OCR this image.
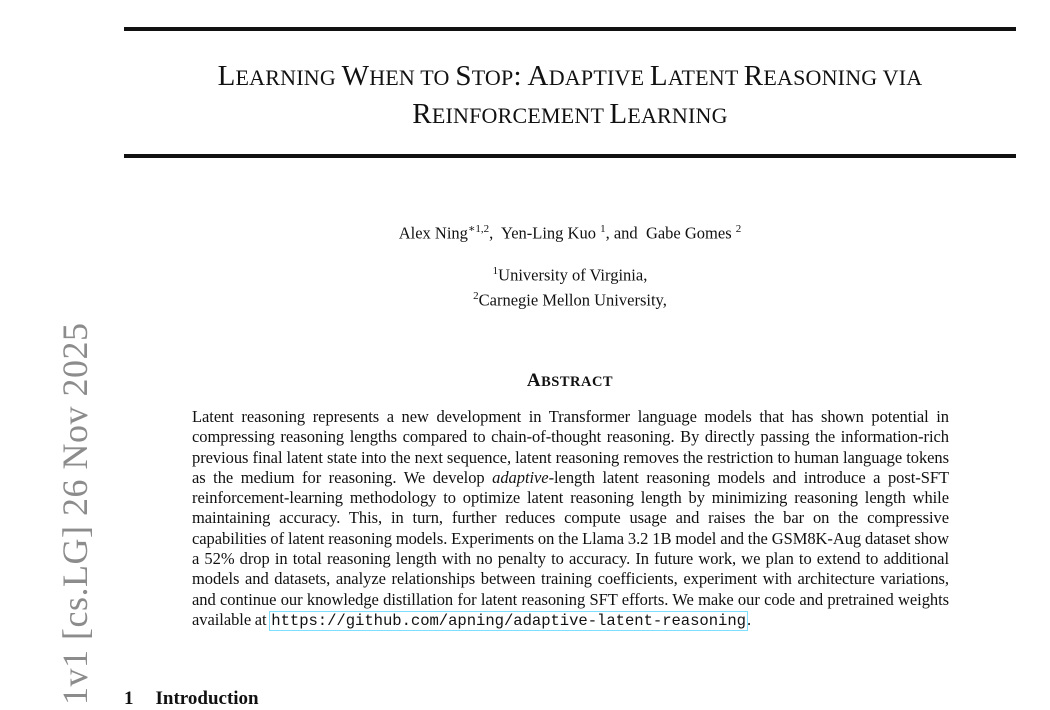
LEARNING WHEN TO STOP: ADAPTIVE LATENT REASONING VIA
REINFORCEMENT LEARNING
Alex Ning$^{∗1,2}$, Yen-Ling Kuo $^1$, and Gabe Gomes $^2$
$^1$University of Virginia,
$^2$Carnegie Mellon University,
ABSTRACT

Latent reasoning represents a new development in Transformer language models that has shown potential in compressing reasoning lengths compared to chain-of-thought reasoning. By directly passing the information-rich previous final latent state into the next sequence, latent reasoning removes the restriction to human language tokens as the medium for reasoning. We develop adaptive-length latent reasoning models and introduce a post-SFT reinforcement-learning methodology to optimize latent reasoning length by minimizing reasoning length while maintaining accuracy. This, in turn, further reduces compute usage and raises the bar on the compressive capabilities of latent reasoning models. Experiments on the Llama 3.2 1B model and the GSM8K-Aug dataset show a 52% drop in total reasoning length with no penalty to accuracy. In future work, we plan to extend to additional models and datasets, analyze relationships between training coefficients, experiment with architecture variations, and continue our knowledge distillation for latent reasoning SFT efforts. We make our code and pretrained weights available at https://github.com/apning/adaptive-latent-reasoning.

1 Introduction
1v1 [cs.LG] 26 Nov 2025
